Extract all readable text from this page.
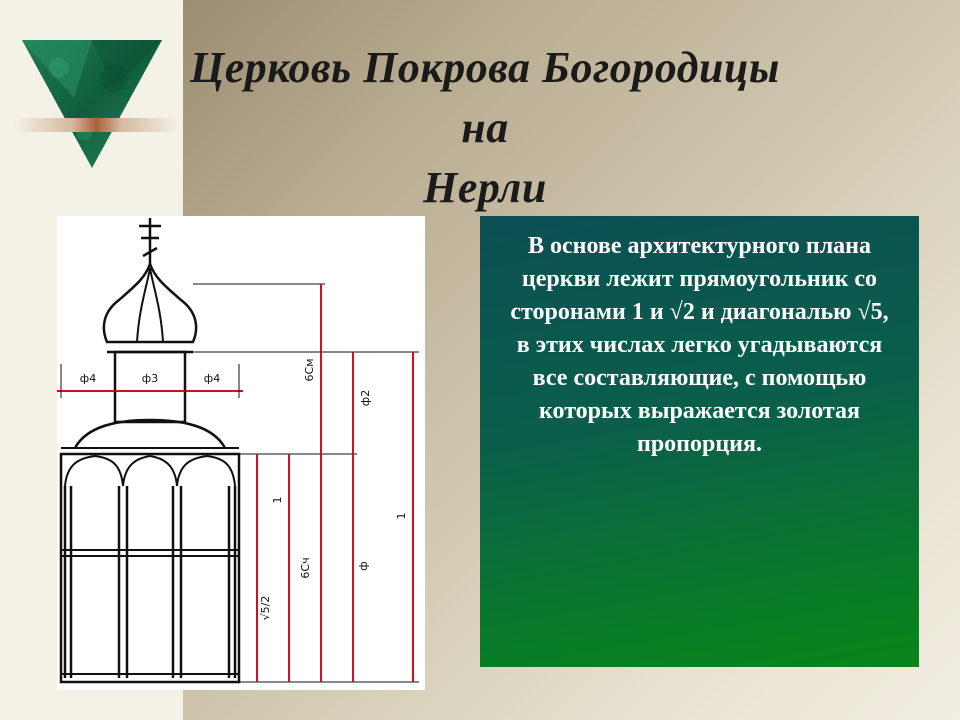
Церковь Покрова Богородицы на
Нерли
ф4	ф3	ф4
√5/2
1
6Сч
6См
ф
ф2
1
В основе архитектурного плана церкви лежит прямоугольник со сторонами 1 и √2 и диагональю √5, в этих числах легко угадываются все составляющие, с помощью которых выражается золотая пропорция.
